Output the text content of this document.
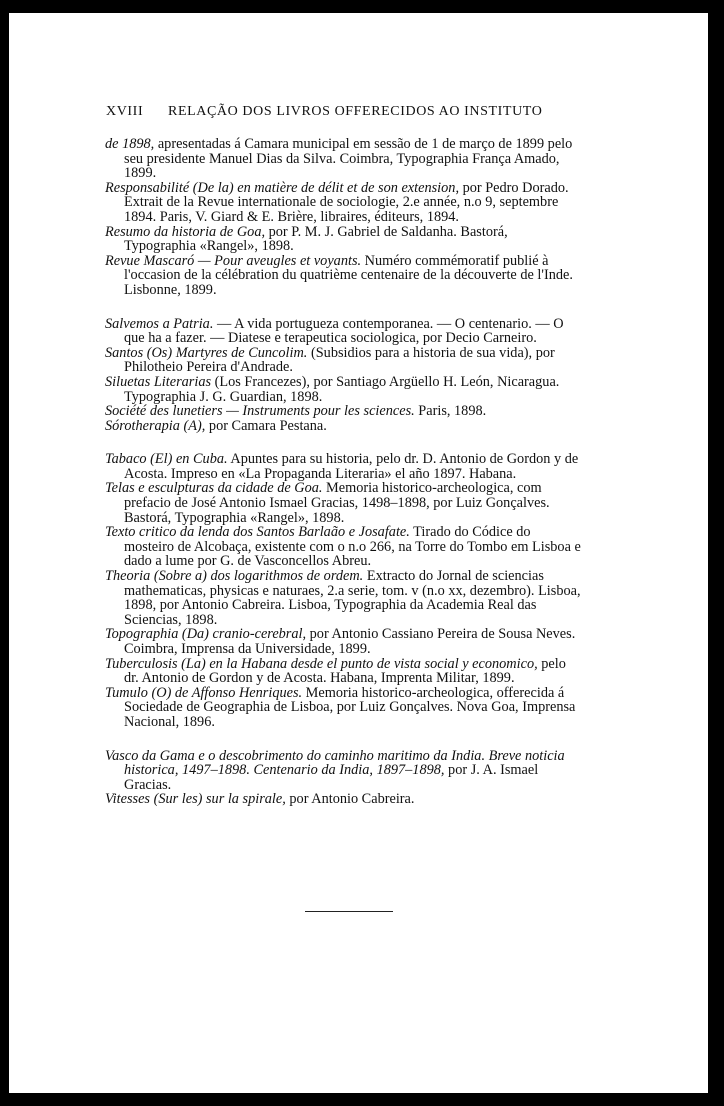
XVIII RELAÇÃO DOS LIVROS OFFERECIDOS AO INSTITUTO

de 1898, apresentadas á Camara municipal em sessão de 1 de março de 1899 pelo seu presidente Manuel Dias da Silva. Coimbra, Typographia França Amado, 1899.

Responsabilité (De la) en matière de délit et de son extension, por Pedro Dorado. Extrait de la Revue internationale de sociologie, 2.e année, n.o 9, septembre 1894. Paris, V. Giard & E. Brière, libraires, éditeurs, 1894.

Resumo da historia de Goa, por P. M. J. Gabriel de Saldanha. Bastorá, Typographia «Rangel», 1898.

Revue Mascaró — Pour aveugles et voyants. Numéro commémoratif publié à l'occasion de la célébration du quatrième centenaire de la découverte de l'Inde. Lisbonne, 1899.

Salvemos a Patria. — A vida portugueza contemporanea. — O centenario. — O que ha a fazer. — Diatese e terapeutica sociologica, por Decio Carneiro.

Santos (Os) Martyres de Cuncolim. (Subsidios para a historia de sua vida), por Philotheio Pereira d'Andrade.

Siluetas Literarias (Los Francezes), por Santiago Argüello H. León, Nicaragua. Typographia J. G. Guardian, 1898.

Société des lunetiers — Instruments pour les sciences. Paris, 1898.

Sórotherapia (A), por Camara Pestana.

Tabaco (El) en Cuba. Apuntes para su historia, pelo dr. D. Antonio de Gordon y de Acosta. Impreso en «La Propaganda Literaria» el año 1897. Habana.

Telas e esculpturas da cidade de Goa. Memoria historico-archeologica, com prefacio de José Antonio Ismael Gracias, 1498–1898, por Luiz Gonçalves. Bastorá, Typographia «Rangel», 1898.

Texto critico da lenda dos Santos Barlaão e Josafate. Tirado do Códice do mosteiro de Alcobaça, existente com o n.o 266, na Torre do Tombo em Lisboa e dado a lume por G. de Vasconcellos Abreu.

Theoria (Sobre a) dos logarithmos de ordem. Extracto do Jornal de sciencias mathematicas, physicas e naturaes, 2.a serie, tom. v (n.o xx, dezembro). Lisboa, 1898, por Antonio Cabreira. Lisboa, Typographia da Academia Real das Sciencias, 1898.

Topographia (Da) cranio-cerebral, por Antonio Cassiano Pereira de Sousa Neves. Coimbra, Imprensa da Universidade, 1899.

Tuberculosis (La) en la Habana desde el punto de vista social y economico, pelo dr. Antonio de Gordon y de Acosta. Habana, Imprenta Militar, 1899.

Tumulo (O) de Affonso Henriques. Memoria historico-archeologica, offerecida á Sociedade de Geographia de Lisboa, por Luiz Gonçalves. Nova Goa, Imprensa Nacional, 1896.

Vasco da Gama e o descobrimento do caminho maritimo da India. Breve noticia historica, 1497–1898. Centenario da India, 1897–1898, por J. A. Ismael Gracias.

Vitesses (Sur les) sur la spirale, por Antonio Cabreira.
